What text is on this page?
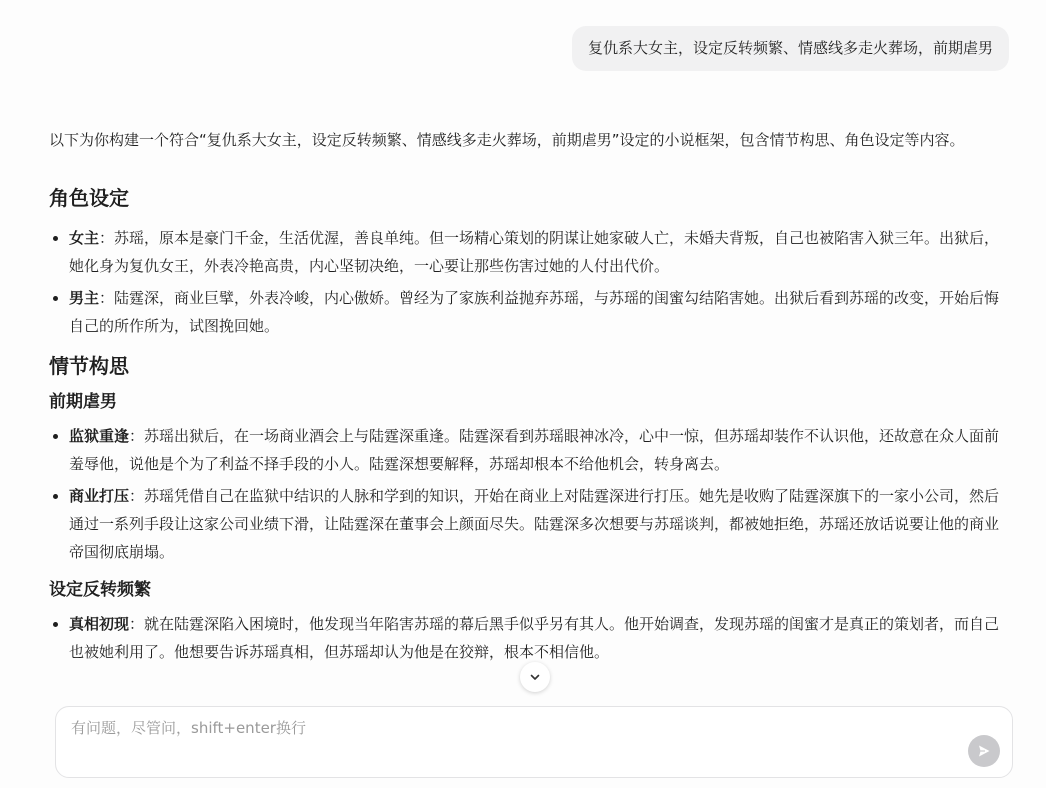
复仇系大女主，设定反转频繁、情感线多走火葬场，前期虐男

以下为你构建一个符合“复仇系大女主，设定反转频繁、情感线多走火葬场，前期虐男”设定的小说框架，包含情节构思、角色设定等内容。

角色设定
• 女主：苏瑶，原本是豪门千金，生活优渥，善良单纯。但一场精心策划的阴谋让她家破人亡，未婚夫背叛，自己也被陷害入狱三年。出狱后，她化身为复仇女王，外表冷艳高贵，内心坚韧决绝，一心要让那些伤害过她的人付出代价。
• 男主：陆霆深，商业巨擘，外表冷峻，内心傲娇。曾经为了家族利益抛弃苏瑶，与苏瑶的闺蜜勾结陷害她。出狱后看到苏瑶的改变，开始后悔自己的所作所为，试图挽回她。
情节构思
前期虐男
• 监狱重逢：苏瑶出狱后，在一场商业酒会上与陆霆深重逢。陆霆深看到苏瑶眼神冰冷，心中一惊，但苏瑶却装作不认识他，还故意在众人面前羞辱他，说他是个为了利益不择手段的小人。陆霆深想要解释，苏瑶却根本不给他机会，转身离去。
• 商业打压：苏瑶凭借自己在监狱中结识的人脉和学到的知识，开始在商业上对陆霆深进行打压。她先是收购了陆霆深旗下的一家小公司，然后通过一系列手段让这家公司业绩下滑，让陆霆深在董事会上颜面尽失。陆霆深多次想要与苏瑶谈判，都被她拒绝，苏瑶还放话说要让他的商业帝国彻底崩塌。
设定反转频繁
• 真相初现：就在陆霆深陷入困境时，他发现当年陷害苏瑶的幕后黑手似乎另有其人。他开始调查，发现苏瑶的闺蜜才是真正的策划者，而自己也被她利用了。他想要告诉苏瑶真相，但苏瑶却认为他是在狡辩，根本不相信他。
有问题，尽管问，shift+enter换行
